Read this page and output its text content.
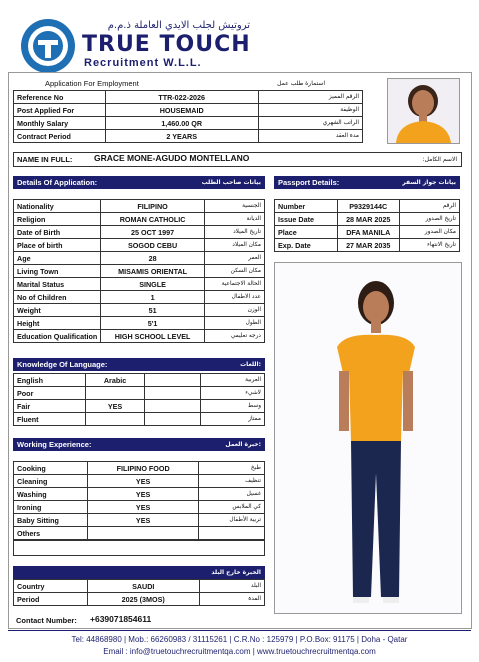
تروتيش لجلب الايدي العاملة ذ.م.م
TRUE TOUCH
Recruitment W.L.L.
Application For Employment	استمارة طلب عمل
Reference No	TTR-022-2026	الرقم المميز
Post Applied For	HOUSEMAID	الوظيفة
Monthly Salary	1,460.00 QR	الراتب الشهري
Contract Period	2 YEARS	مدة العقد
NAME IN FULL:	GRACE MONE-AGUDO MONTELLANO	الاسم الكامل:
Details Of Application:	بيانات صاحب الطلب
Nationality	FILIPINO	الجنسية
Religion	ROMAN CATHOLIC	الديانة
Date of Birth	25 OCT 1997	تاريخ الميلاد
Place of birth	SOGOD CEBU	مكان الميلاد
Age	28	العمر
Living Town	MISAMIS ORIENTAL	مكان السكن
Marital Status	SINGLE	الحالة الاجتماعية
No of Children	1	عدد الاطفال
Weight	51	الوزن
Height	5'1	الطول
Education Qualification	HIGH SCHOOL LEVEL	درجه تعليمي
Passport Details:	بيانات جواز السفر
Number	P9329144C	الرقم
Issue Date	28 MAR 2025	تاريخ الصدور
Place	DFA MANILA	مكان الصدور
Exp. Date	27 MAR 2035	تاريخ الانتهاء
Knowledge Of Language:	اللغات:
English	Arabic		العربية
Poor			لاشيء
Fair	YES		وسط
Fluent			ممتاز
Working Experience:	خبرة العمل:
Cooking	FILIPINO FOOD	طبخ
Cleaning	YES	تنظيف
Washing	YES	غسيل
Ironing	YES	كي الملابس
Baby Sitting	YES	تربية الأطفال
Others		
الخبرة خارج البلد
Country	SAUDI	البلد
Period	2025 (3MOS)	المدة
Contact Number: +639071854611
Tel: 44868980 | Mob.: 66260983 / 31115261 | C.R.No : 125979 | P.O.Box: 91175 | Doha - Qatar
Email : info@truetouchrecruitmentqa.com | www.truetouchrecruitmentqa.com
